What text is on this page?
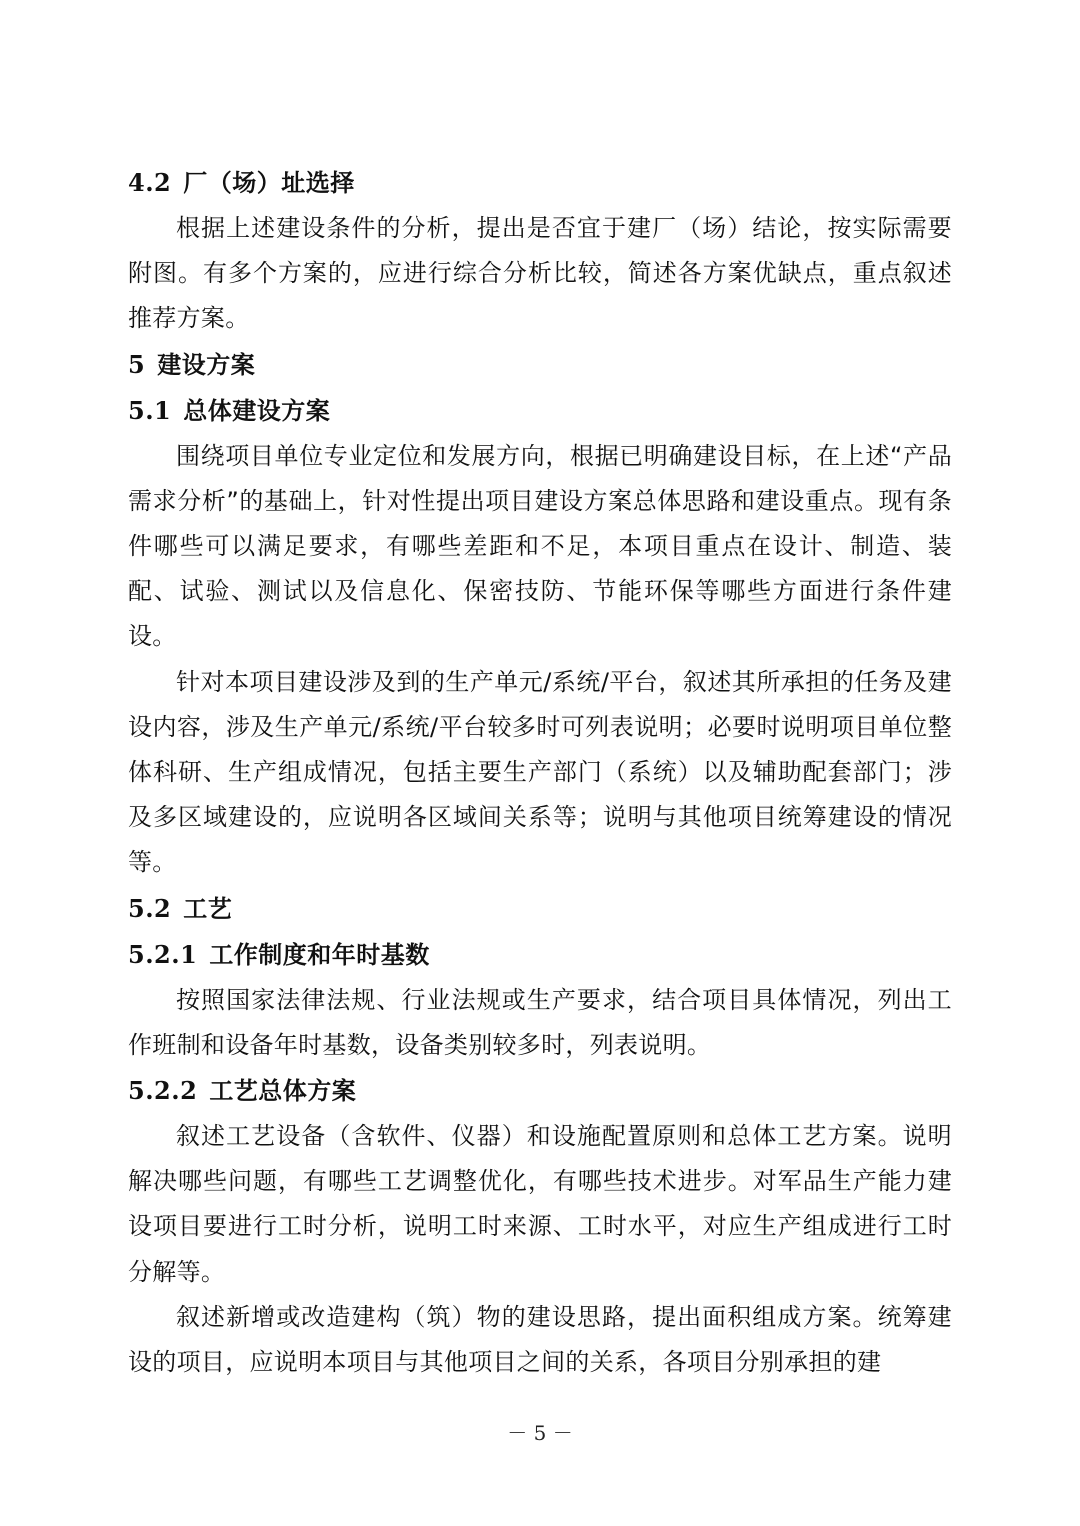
4.2 厂（场）址选择

根据上述建设条件的分析，提出是否宜于建厂（场）结论，按实际需要附图。有多个方案的，应进行综合分析比较，简述各方案优缺点，重点叙述推荐方案。

5 建设方案
5.1 总体建设方案

围绕项目单位专业定位和发展方向，根据已明确建设目标，在上述“产品需求分析”的基础上，针对性提出项目建设方案总体思路和建设重点。现有条件哪些可以满足要求，有哪些差距和不足，本项目重点在设计、制造、装配、试验、测试以及信息化、保密技防、节能环保等哪些方面进行条件建设。

针对本项目建设涉及到的生产单元/系统/平台，叙述其所承担的任务及建设内容，涉及生产单元/系统/平台较多时可列表说明；必要时说明项目单位整体科研、生产组成情况，包括主要生产部门（系统）以及辅助配套部门；涉及多区域建设的，应说明各区域间关系等；说明与其他项目统筹建设的情况等。

5.2 工艺
5.2.1 工作制度和年时基数

按照国家法律法规、行业法规或生产要求，结合项目具体情况，列出工作班制和设备年时基数，设备类别较多时，列表说明。

5.2.2 工艺总体方案

叙述工艺设备（含软件、仪器）和设施配置原则和总体工艺方案。说明解决哪些问题，有哪些工艺调整优化，有哪些技术进步。对军品生产能力建设项目要进行工时分析，说明工时来源、工时水平，对应生产组成进行工时分解等。

叙述新增或改造建构（筑）物的建设思路，提出面积组成方案。统筹建设的项目，应说明本项目与其他项目之间的关系，各项目分别承担的建

－ 5 －
